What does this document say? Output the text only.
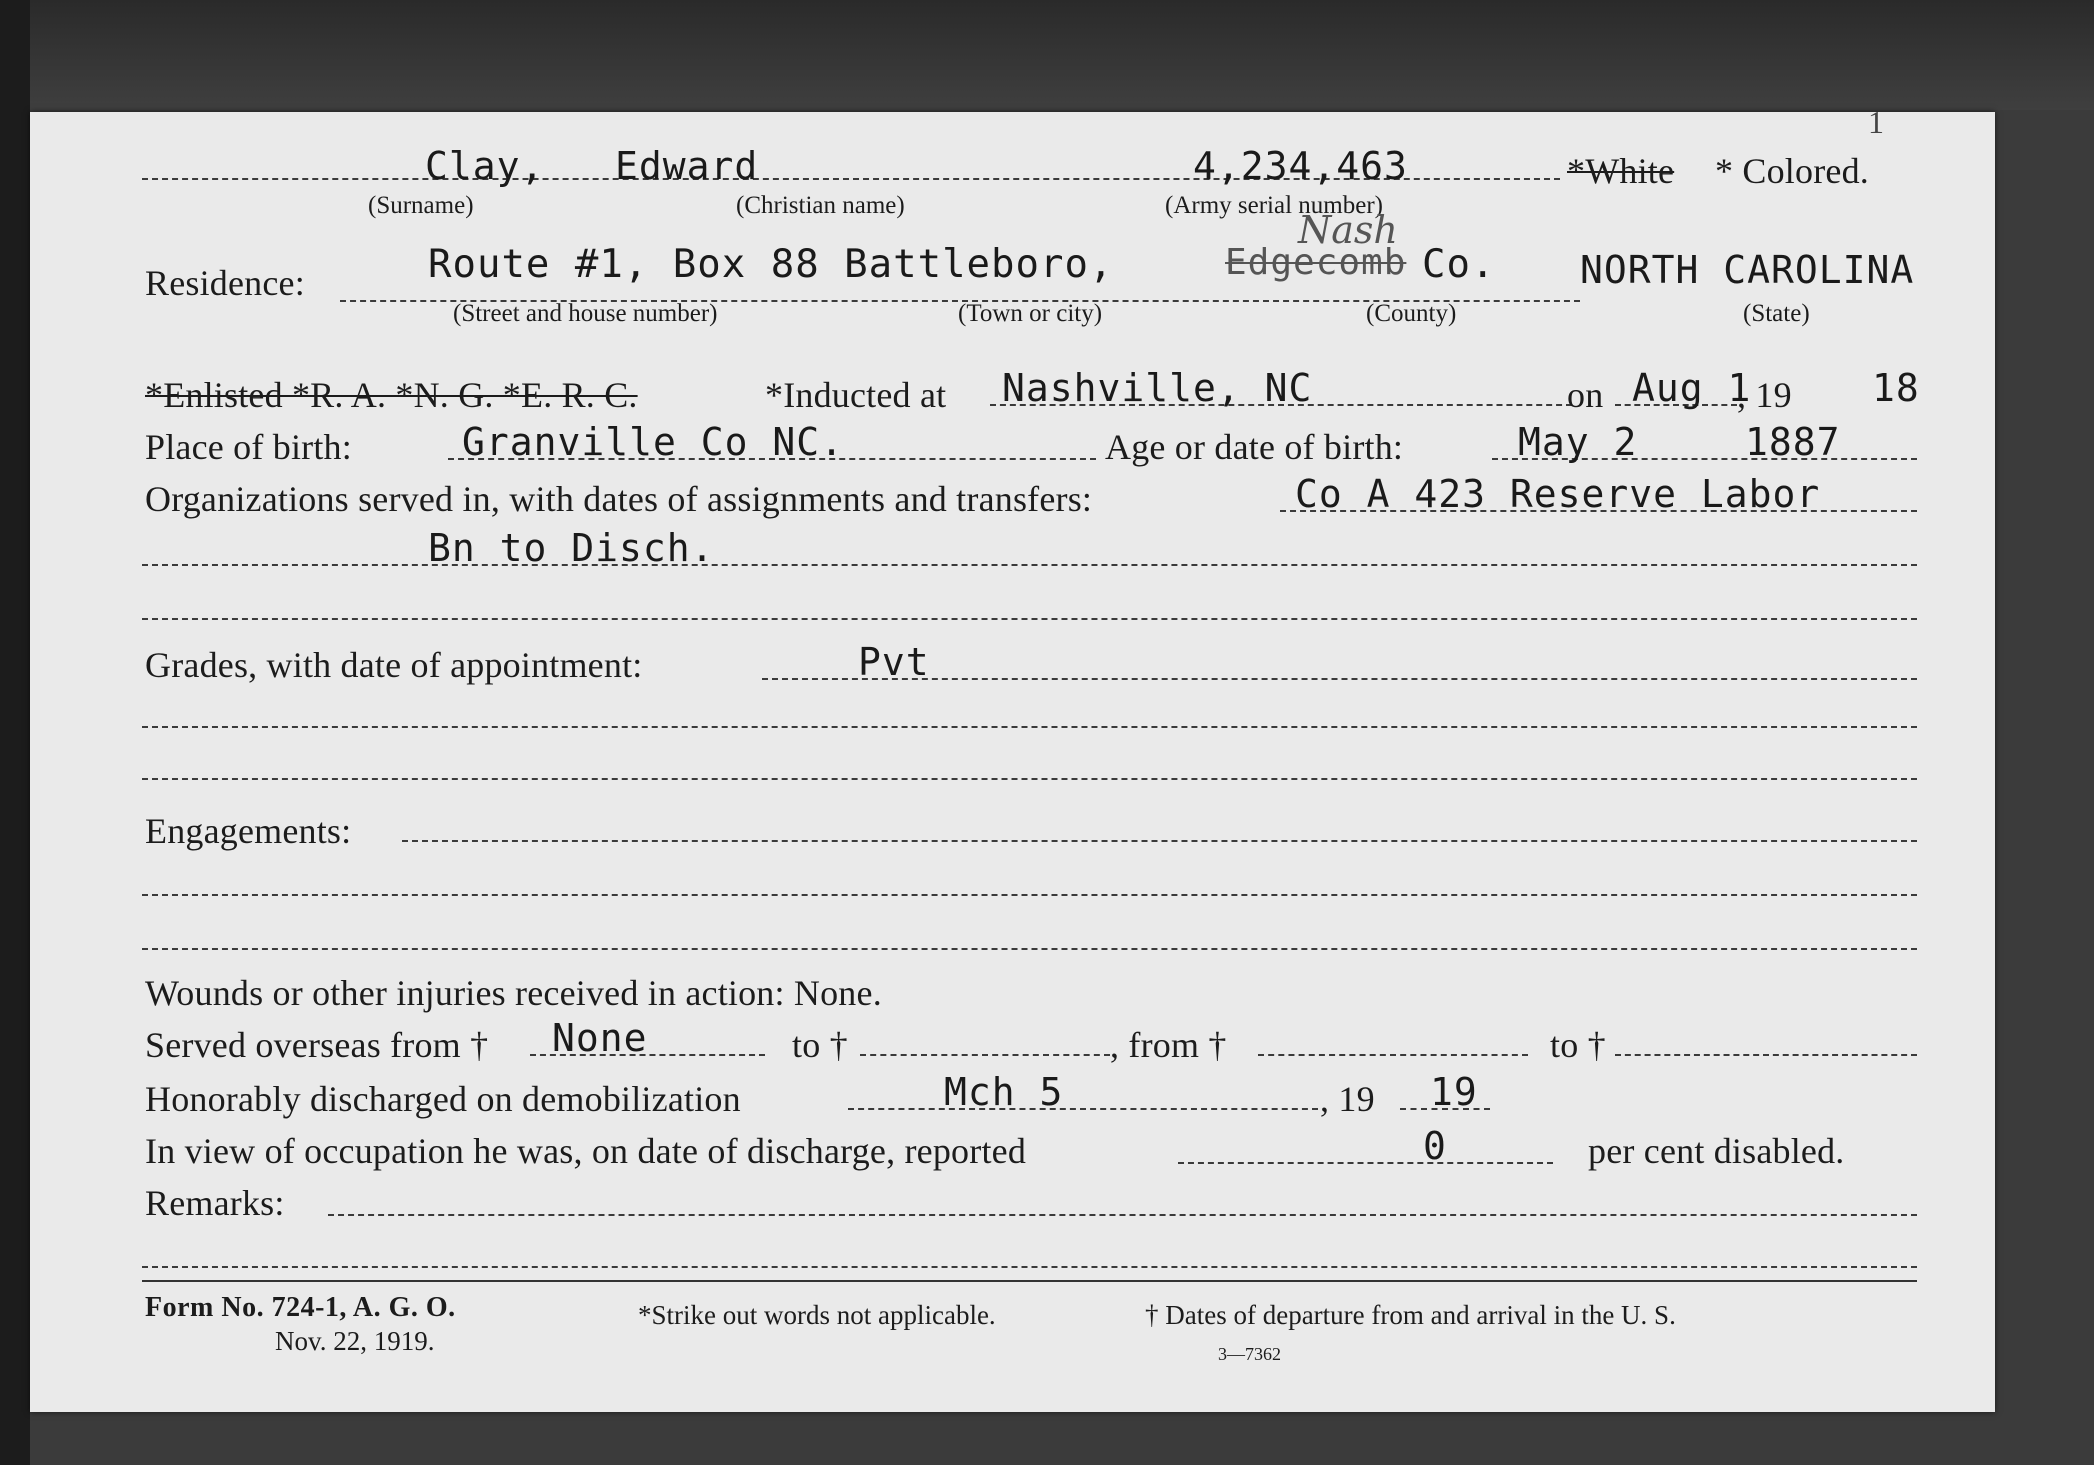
1
Clay, Edward	4,234,463	*White * Colored.
(Surname)	(Christian name)	(Army serial number)
Residence:	Route #1, Box 88 Battleboro,	Edgecomb
Nash
Co. NORTH CAROLINA
(Street and house number)	(Town or city)	(County)	(State)
*Enlisted *R. A. *N. G. *E. R. C.	*Inducted at Nashville, NC	on Aug 1
, 19 18
Place of birth:	Granville Co NC.	Age or date of birth:	May 2	1887
Organizations served in, with dates of assignments and transfers:	Co A 423 Reserve Labor
Bn to Disch.
Grades, with date of appointment:	Pvt
Engagements:
Wounds or other injuries received in action: None.
Served overseas from † None	to †	, from †	to †
Honorably discharged on demobilization	Mch 5	, 19 19
In view of occupation he was, on date of discharge, reported	0	per cent disabled.
Remarks:
Form No. 724-1, A. G. O.
Nov. 22, 1919.
*Strike out words not applicable.	† Dates of departure from and arrival in the U. S.
3—7362
